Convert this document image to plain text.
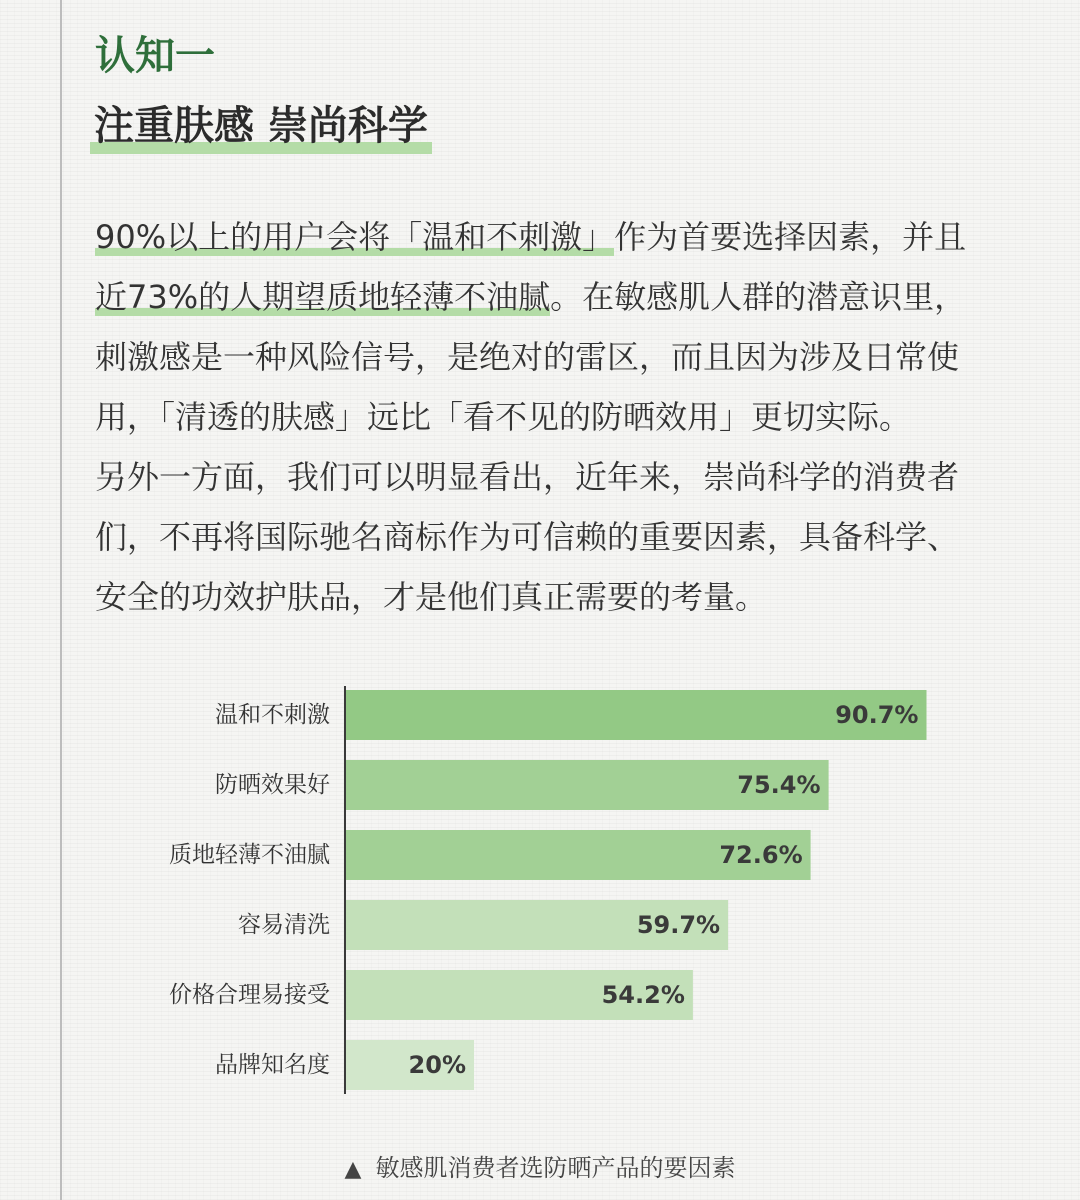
认知一
注重肤感 崇尚科学

90%以上的用户会将「温和不刺激」作为首要选择因素，并且
近73%的人期望质地轻薄不油腻。在敏感肌人群的潜意识里，
刺激感是一种风险信号，是绝对的雷区，而且因为涉及日常使
用，「清透的肤感」远比「看不见的防晒效用」更切实际。
另外一方面，我们可以明显看出，近年来，崇尚科学的消费者
们，不再将国际驰名商标作为可信赖的重要因素，具备科学、
安全的功效护肤品，才是他们真正需要的考量。

温和不刺激	90.7%
防晒效果好	75.4%
质地轻薄不油腻	72.6%
容易清洗	59.7%
价格合理易接受	54.2%
品牌知名度	20%
▲ 敏感肌消费者选防晒产品的要因素
